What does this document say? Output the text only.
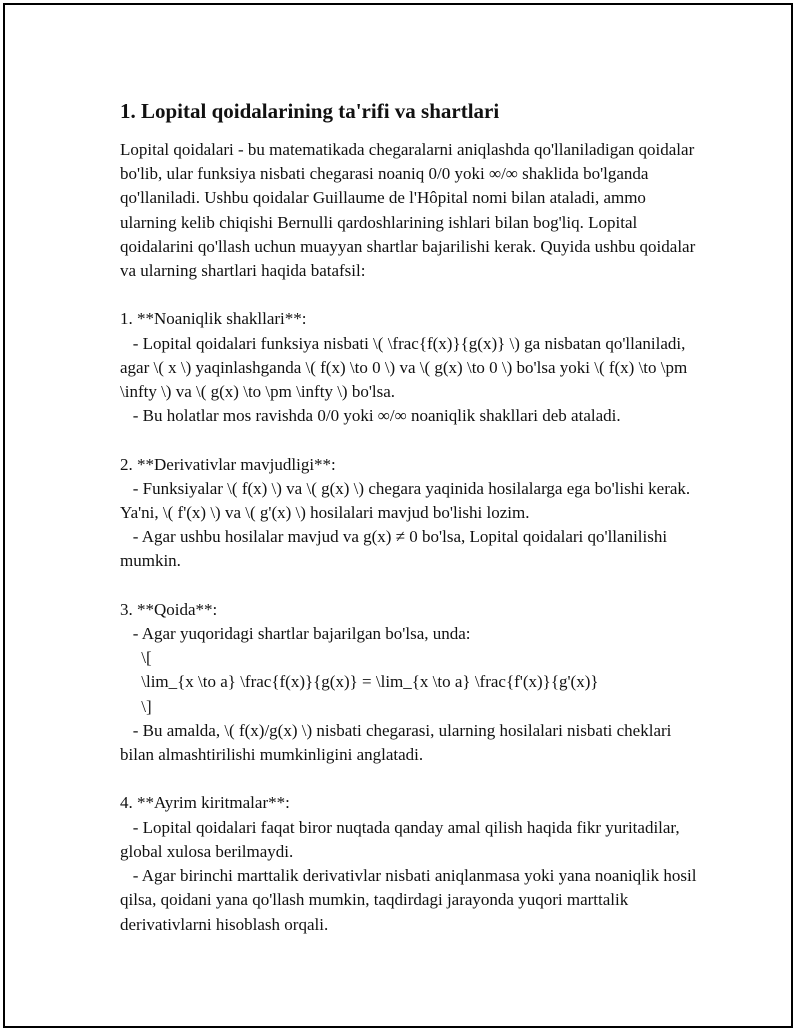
1. Lopital qoidalarining ta'rifi va shartlari
Lopital qoidalari - bu matematikada chegaralarni aniqlashda qo'llaniladigan qoidalar bo'lib, ular funksiya nisbati chegarasi noaniq 0/0 yoki ∞/∞ shaklida bo'lganda qo'llaniladi. Ushbu qoidalar Guillaume de l'Hôpital nomi bilan ataladi, ammo ularning kelib chiqishi Bernulli qardoshlarining ishlari bilan bog'liq. Lopital qoidalarini qo'llash uchun muayyan shartlar bajarilishi kerak. Quyida ushbu qoidalar va ularning shartlari haqida batafsil:

1. **Noaniqlik shakllari**:
- Lopital qoidalari funksiya nisbati \( \frac{f(x)}{g(x)} \) ga nisbatan qo'llaniladi, agar \( x \) yaqinlashganda \( f(x) \to 0 \) va \( g(x) \to 0 \) bo'lsa yoki \( f(x) \to \pm \infty \) va \( g(x) \to \pm \infty \) bo'lsa.
- Bu holatlar mos ravishda 0/0 yoki ∞/∞ noaniqlik shakllari deb ataladi.

2. **Derivativlar mavjudligi**:
- Funksiyalar \( f(x) \) va \( g(x) \) chegara yaqinida hosilalarga ega bo'lishi kerak. Ya'ni, \( f'(x) \) va \( g'(x) \) hosilalari mavjud bo'lishi lozim.
- Agar ushbu hosilalar mavjud va g(x) ≠ 0 bo'lsa, Lopital qoidalari qo'llanilishi mumkin.

3. **Qoida**:
- Agar yuqoridagi shartlar bajarilgan bo'lsa, unda:
\[
\lim_{x \to a} \frac{f(x)}{g(x)} = \lim_{x \to a} \frac{f'(x)}{g'(x)}
\]
- Bu amalda, \( f(x)/g(x) \) nisbati chegarasi, ularning hosilalari nisbati cheklari bilan almashtirilishi mumkinligini anglatadi.

4. **Ayrim kiritmalar**:
- Lopital qoidalari faqat biror nuqtada qanday amal qilish haqida fikr yuritadilar, global xulosa berilmaydi.
- Agar birinchi marttalik derivativlar nisbati aniqlanmasa yoki yana noaniqlik hosil qilsa, qoidani yana qo'llash mumkin, taqdirdagi jarayonda yuqori marttalik derivativlarni hisoblash orqali.
